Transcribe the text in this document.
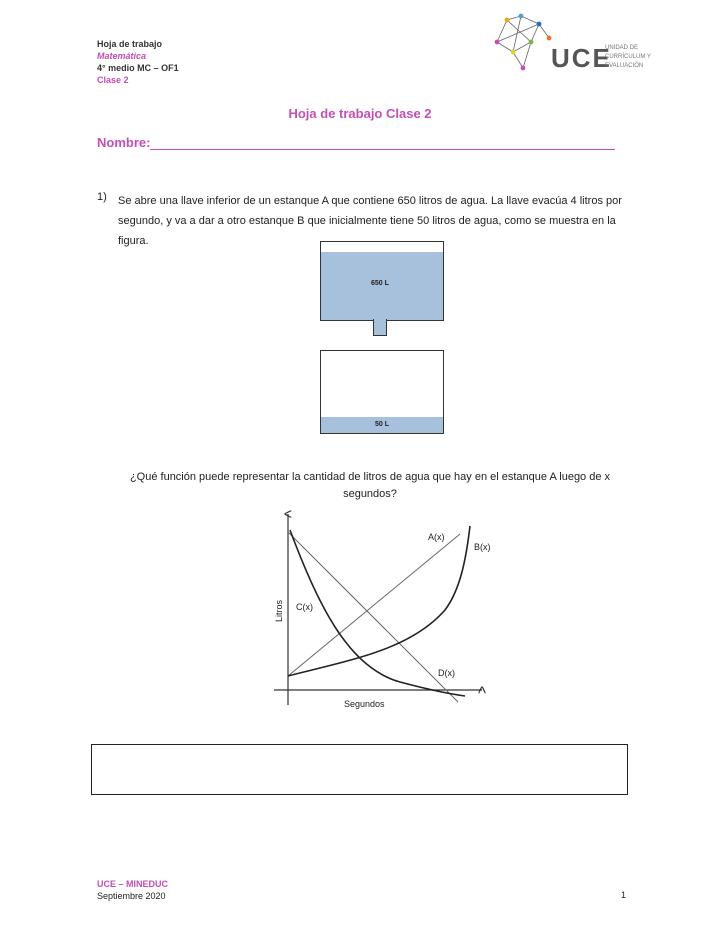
Hoja de trabajo
Matemática
4° medio MC – OF1
Clase 2
UCE
UNIDAD DE
CURRÍCULUM Y
EVALUACIÓN
Hoja de trabajo Clase 2
Nombre:
1) Se abre una llave inferior de un estanque A que contiene 650 litros de agua. La llave evacúa 4 litros por segundo, y va a dar a otro estanque B que inicialmente tiene 50 litros de agua, como se muestra en la figura.
650 L
50 L
¿Qué función puede representar la cantidad de litros de agua que hay en el estanque A luego de x segundos?
A(x)
B(x)
C(x)
D(x)
Litros
Segundos
UCE – MINEDUC
Septiembre 2020	1
